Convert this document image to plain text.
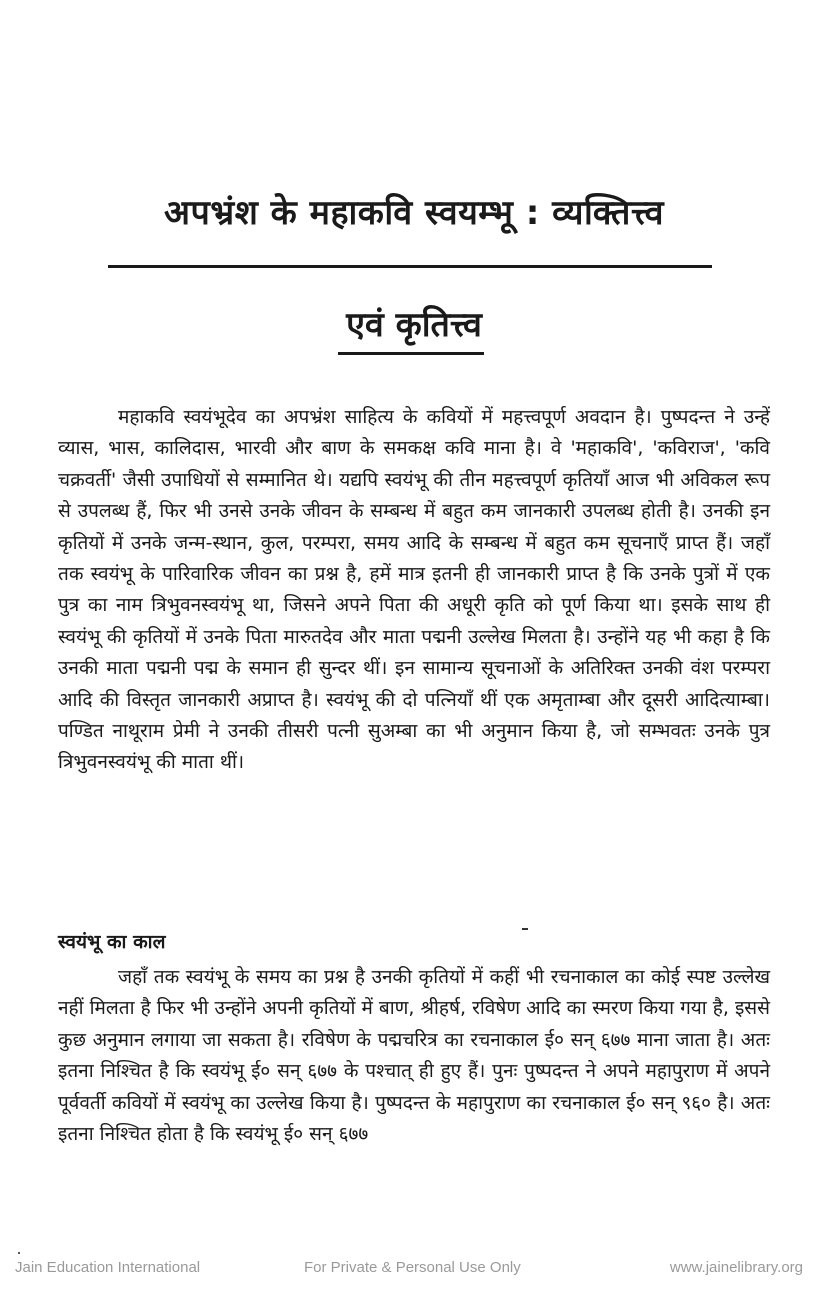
अपभ्रंश के महाकवि स्वयम्भू : व्यक्तित्त्व
एवं कृतित्त्व

महाकवि स्वयंभूदेव का अपभ्रंश साहित्य के कवियों में महत्त्वपूर्ण अवदान है। पुष्पदन्त ने उन्हें व्यास, भास, कालिदास, भारवी और बाण के समकक्ष कवि माना है। वे 'महाकवि', 'कविराज', 'कवि चक्रवर्ती' जैसी उपाधियों से सम्मानित थे। यद्यपि स्वयंभू की तीन महत्त्वपूर्ण कृतियाँ आज भी अविकल रूप से उपलब्ध हैं, फिर भी उनसे उनके जीवन के सम्बन्ध में बहुत कम जानकारी उपलब्ध होती है। उनकी इन कृतियों में उनके जन्म-स्थान, कुल, परम्परा, समय आदि के सम्बन्ध में बहुत कम सूचनाएँ प्राप्त हैं। जहाँ तक स्वयंभू के पारिवारिक जीवन का प्रश्न है, हमें मात्र इतनी ही जानकारी प्राप्त है कि उनके पुत्रों में एक पुत्र का नाम त्रिभुवनस्वयंभू था, जिसने अपने पिता की अधूरी कृति को पूर्ण किया था। इसके साथ ही स्वयंभू की कृतियों में उनके पिता मारुतदेव और माता पद्मनी उल्लेख मिलता है। उन्होंने यह भी कहा है कि उनकी माता पद्मनी पद्म के समान ही सुन्दर थीं। इन सामान्य सूचनाओं के अतिरिक्त उनकी वंश परम्परा आदि की विस्तृत जानकारी अप्राप्त है। स्वयंभू की दो पत्नियाँ थीं एक अमृताम्बा और दूसरी आदित्याम्बा। पण्डित नाथूराम प्रेमी ने उनकी तीसरी पत्नी सुअम्बा का भी अनुमान किया है, जो सम्भवतः उनके पुत्र त्रिभुवनस्वयंभू की माता थीं।

स्वयंभू का काल

जहाँ तक स्वयंभू के समय का प्रश्न है उनकी कृतियों में कहीं भी रचनाकाल का कोई स्पष्ट उल्लेख नहीं मिलता है फिर भी उन्होंने अपनी कृतियों में बाण, श्रीहर्ष, रविषेण आदि का स्मरण किया गया है, इससे कुछ अनुमान लगाया जा सकता है। रविषेण के पद्मचरित्र का रचनाकाल ई० सन् ६७७ माना जाता है। अतः इतना निश्चित है कि स्वयंभू ई० सन् ६७७ के पश्चात् ही हुए हैं। पुनः पुष्पदन्त ने अपने महापुराण में अपने पूर्ववर्ती कवियों में स्वयंभू का उल्लेख किया है। पुष्पदन्त के महापुराण का रचनाकाल ई० सन् ९६० है। अतः इतना निश्चित होता है कि स्वयंभू ई० सन् ६७७

Jain Education International	For Private & Personal Use Only	www.jainelibrary.org
